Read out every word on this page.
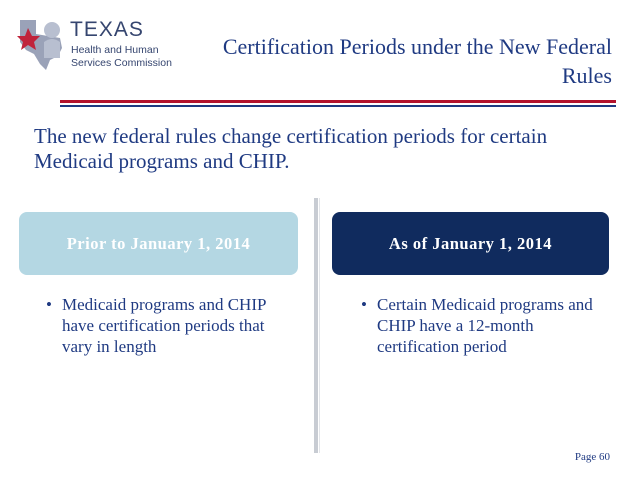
TEXAS
Health and Human
Services Commission
Certification Periods under the New Federal Rules
The new federal rules change certification periods for certain Medicaid programs and CHIP.
Prior to January 1, 2014	As of January 1, 2014
• Medicaid programs and CHIP have certification periods that vary in length
• Certain Medicaid programs and CHIP have a 12-month certification period
Page 60
